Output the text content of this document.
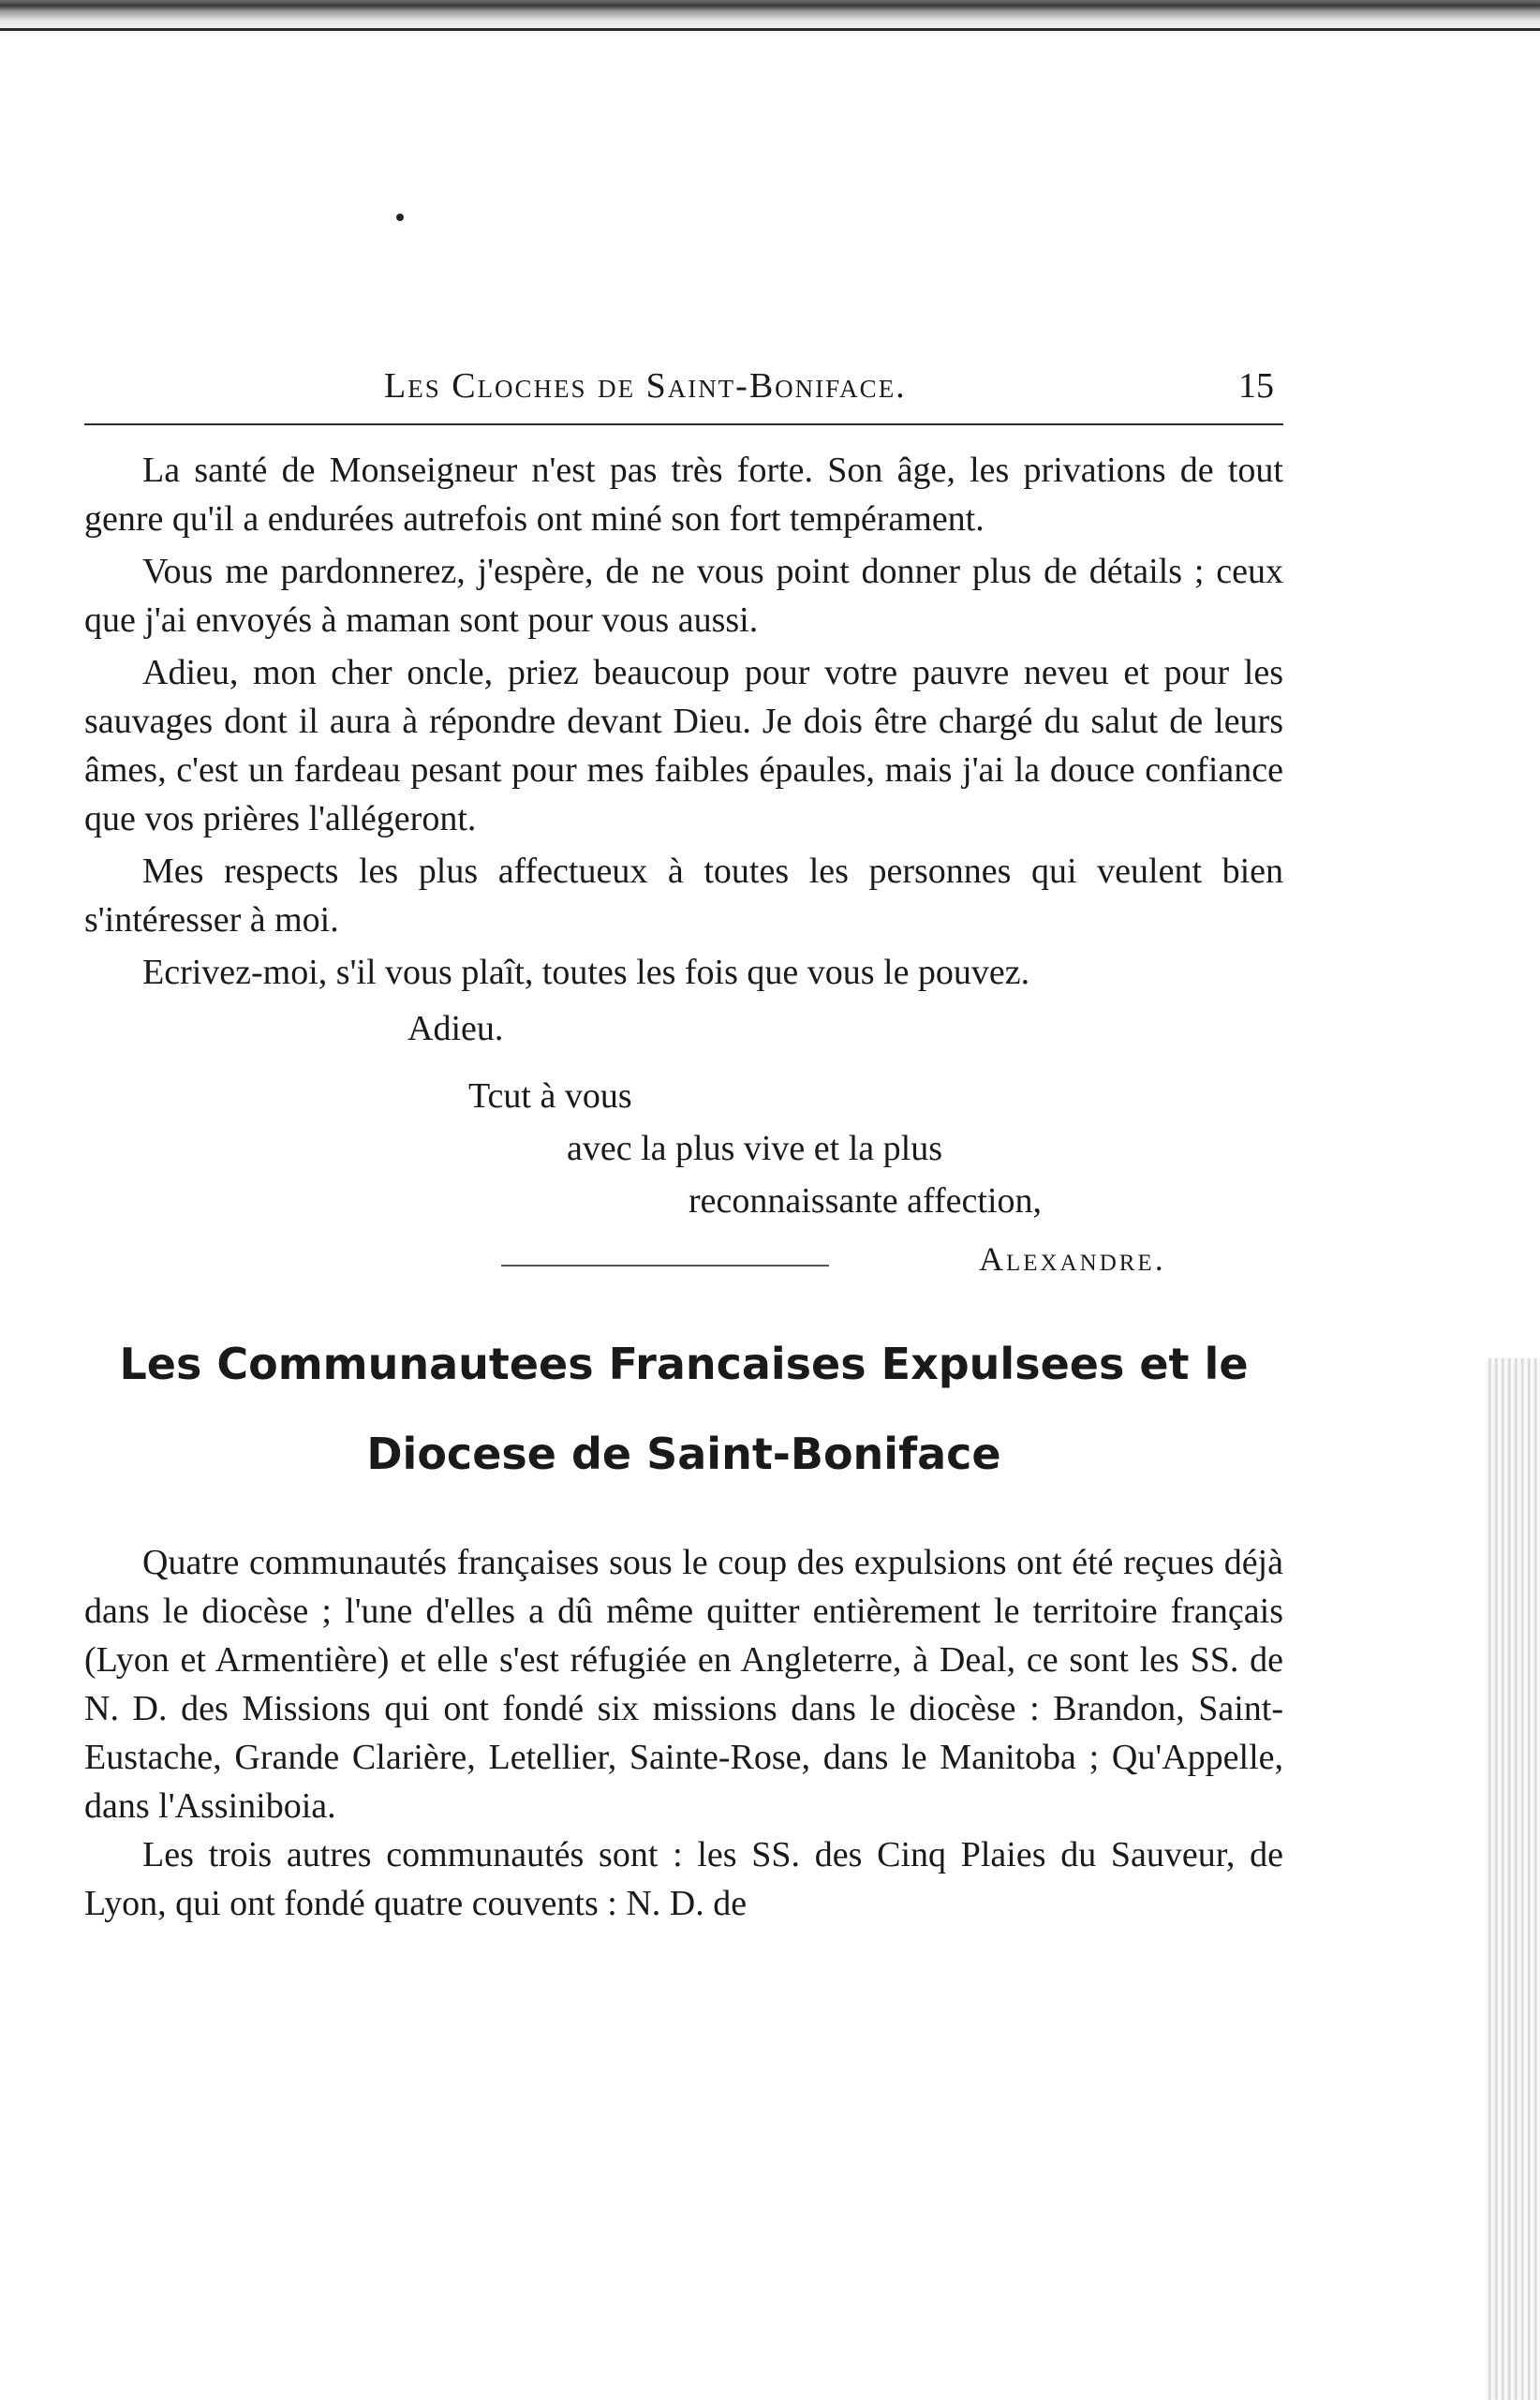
Les Cloches de Saint-Boniface.	15

La santé de Monseigneur n'est pas très forte. Son âge, les privations de tout genre qu'il a endurées autrefois ont miné son fort tempérament.

Vous me pardonnerez, j'espère, de ne vous point donner plus de détails ; ceux que j'ai envoyés à maman sont pour vous aussi.

Adieu, mon cher oncle, priez beaucoup pour votre pauvre neveu et pour les sauvages dont il aura à répondre devant Dieu. Je dois être chargé du salut de leurs âmes, c'est un fardeau pesant pour mes faibles épaules, mais j'ai la douce confiance que vos prières l'allégeront.

Mes respects les plus affectueux à toutes les personnes qui veulent bien s'intéresser à moi.

Ecrivez-moi, s'il vous plaît, toutes les fois que vous le pouvez.

Adieu.
Tcut à vous
avec la plus vive et la plus
reconnaissante affection,
Alexandre.
Les Communautees Francaises Expulsees et le
Diocese de Saint-Boniface

Quatre communautés françaises sous le coup des expulsions ont été reçues déjà dans le diocèse ; l'une d'elles a dû même quitter entièrement le territoire français (Lyon et Armentière) et elle s'est réfugiée en Angleterre, à Deal, ce sont les SS. de N. D. des Missions qui ont fondé six missions dans le diocèse : Brandon, Saint-Eustache, Grande Clarière, Letellier, Sainte-Rose, dans le Manitoba ; Qu'Appelle, dans l'Assiniboia.

Les trois autres communautés sont : les SS. des Cinq Plaies du Sauveur, de Lyon, qui ont fondé quatre couvents : N. D. de
